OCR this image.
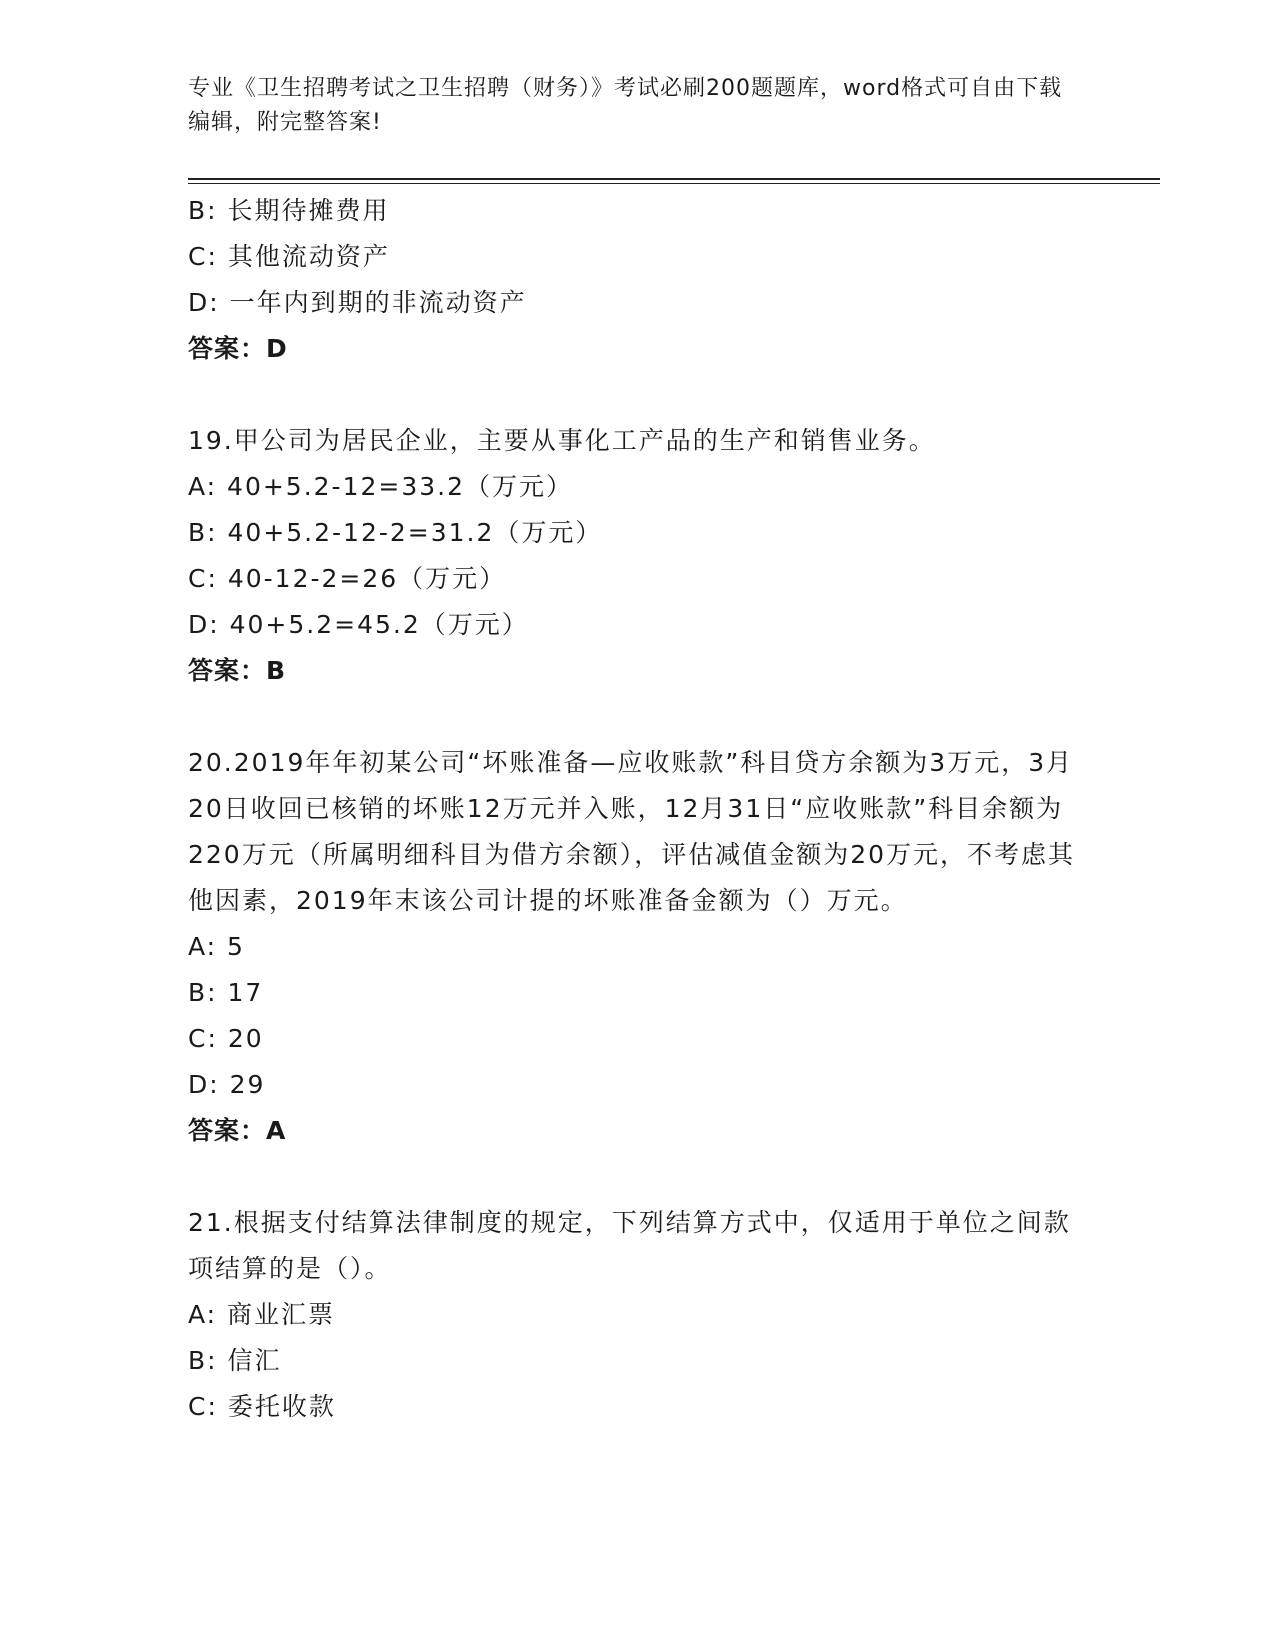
专业《卫生招聘考试之卫生招聘（财务）》考试必刷200题题库，word格式可自由下载编辑，附完整答案!
B: 长期待摊费用
C: 其他流动资产
D: 一年内到期的非流动资产
答案：D
19.甲公司为居民企业，主要从事化工产品的生产和销售业务。
A: 40+5.2-12=33.2（万元）
B: 40+5.2-12-2=31.2（万元）
C: 40-12-2=26（万元）
D: 40+5.2=45.2（万元）
答案：B
20.2019年年初某公司“坏账准备—应收账款”科目贷方余额为3万元，3月20日收回已核销的坏账12万元并入账，12月31日“应收账款”科目余额为220万元（所属明细科目为借方余额），评估减值金额为20万元，不考虑其他因素，2019年末该公司计提的坏账准备金额为（）万元。
A: 5
B: 17
C: 20
D: 29
答案：A
21.根据支付结算法律制度的规定，下列结算方式中，仅适用于单位之间款项结算的是（）。
A: 商业汇票
B: 信汇
C: 委托收款
